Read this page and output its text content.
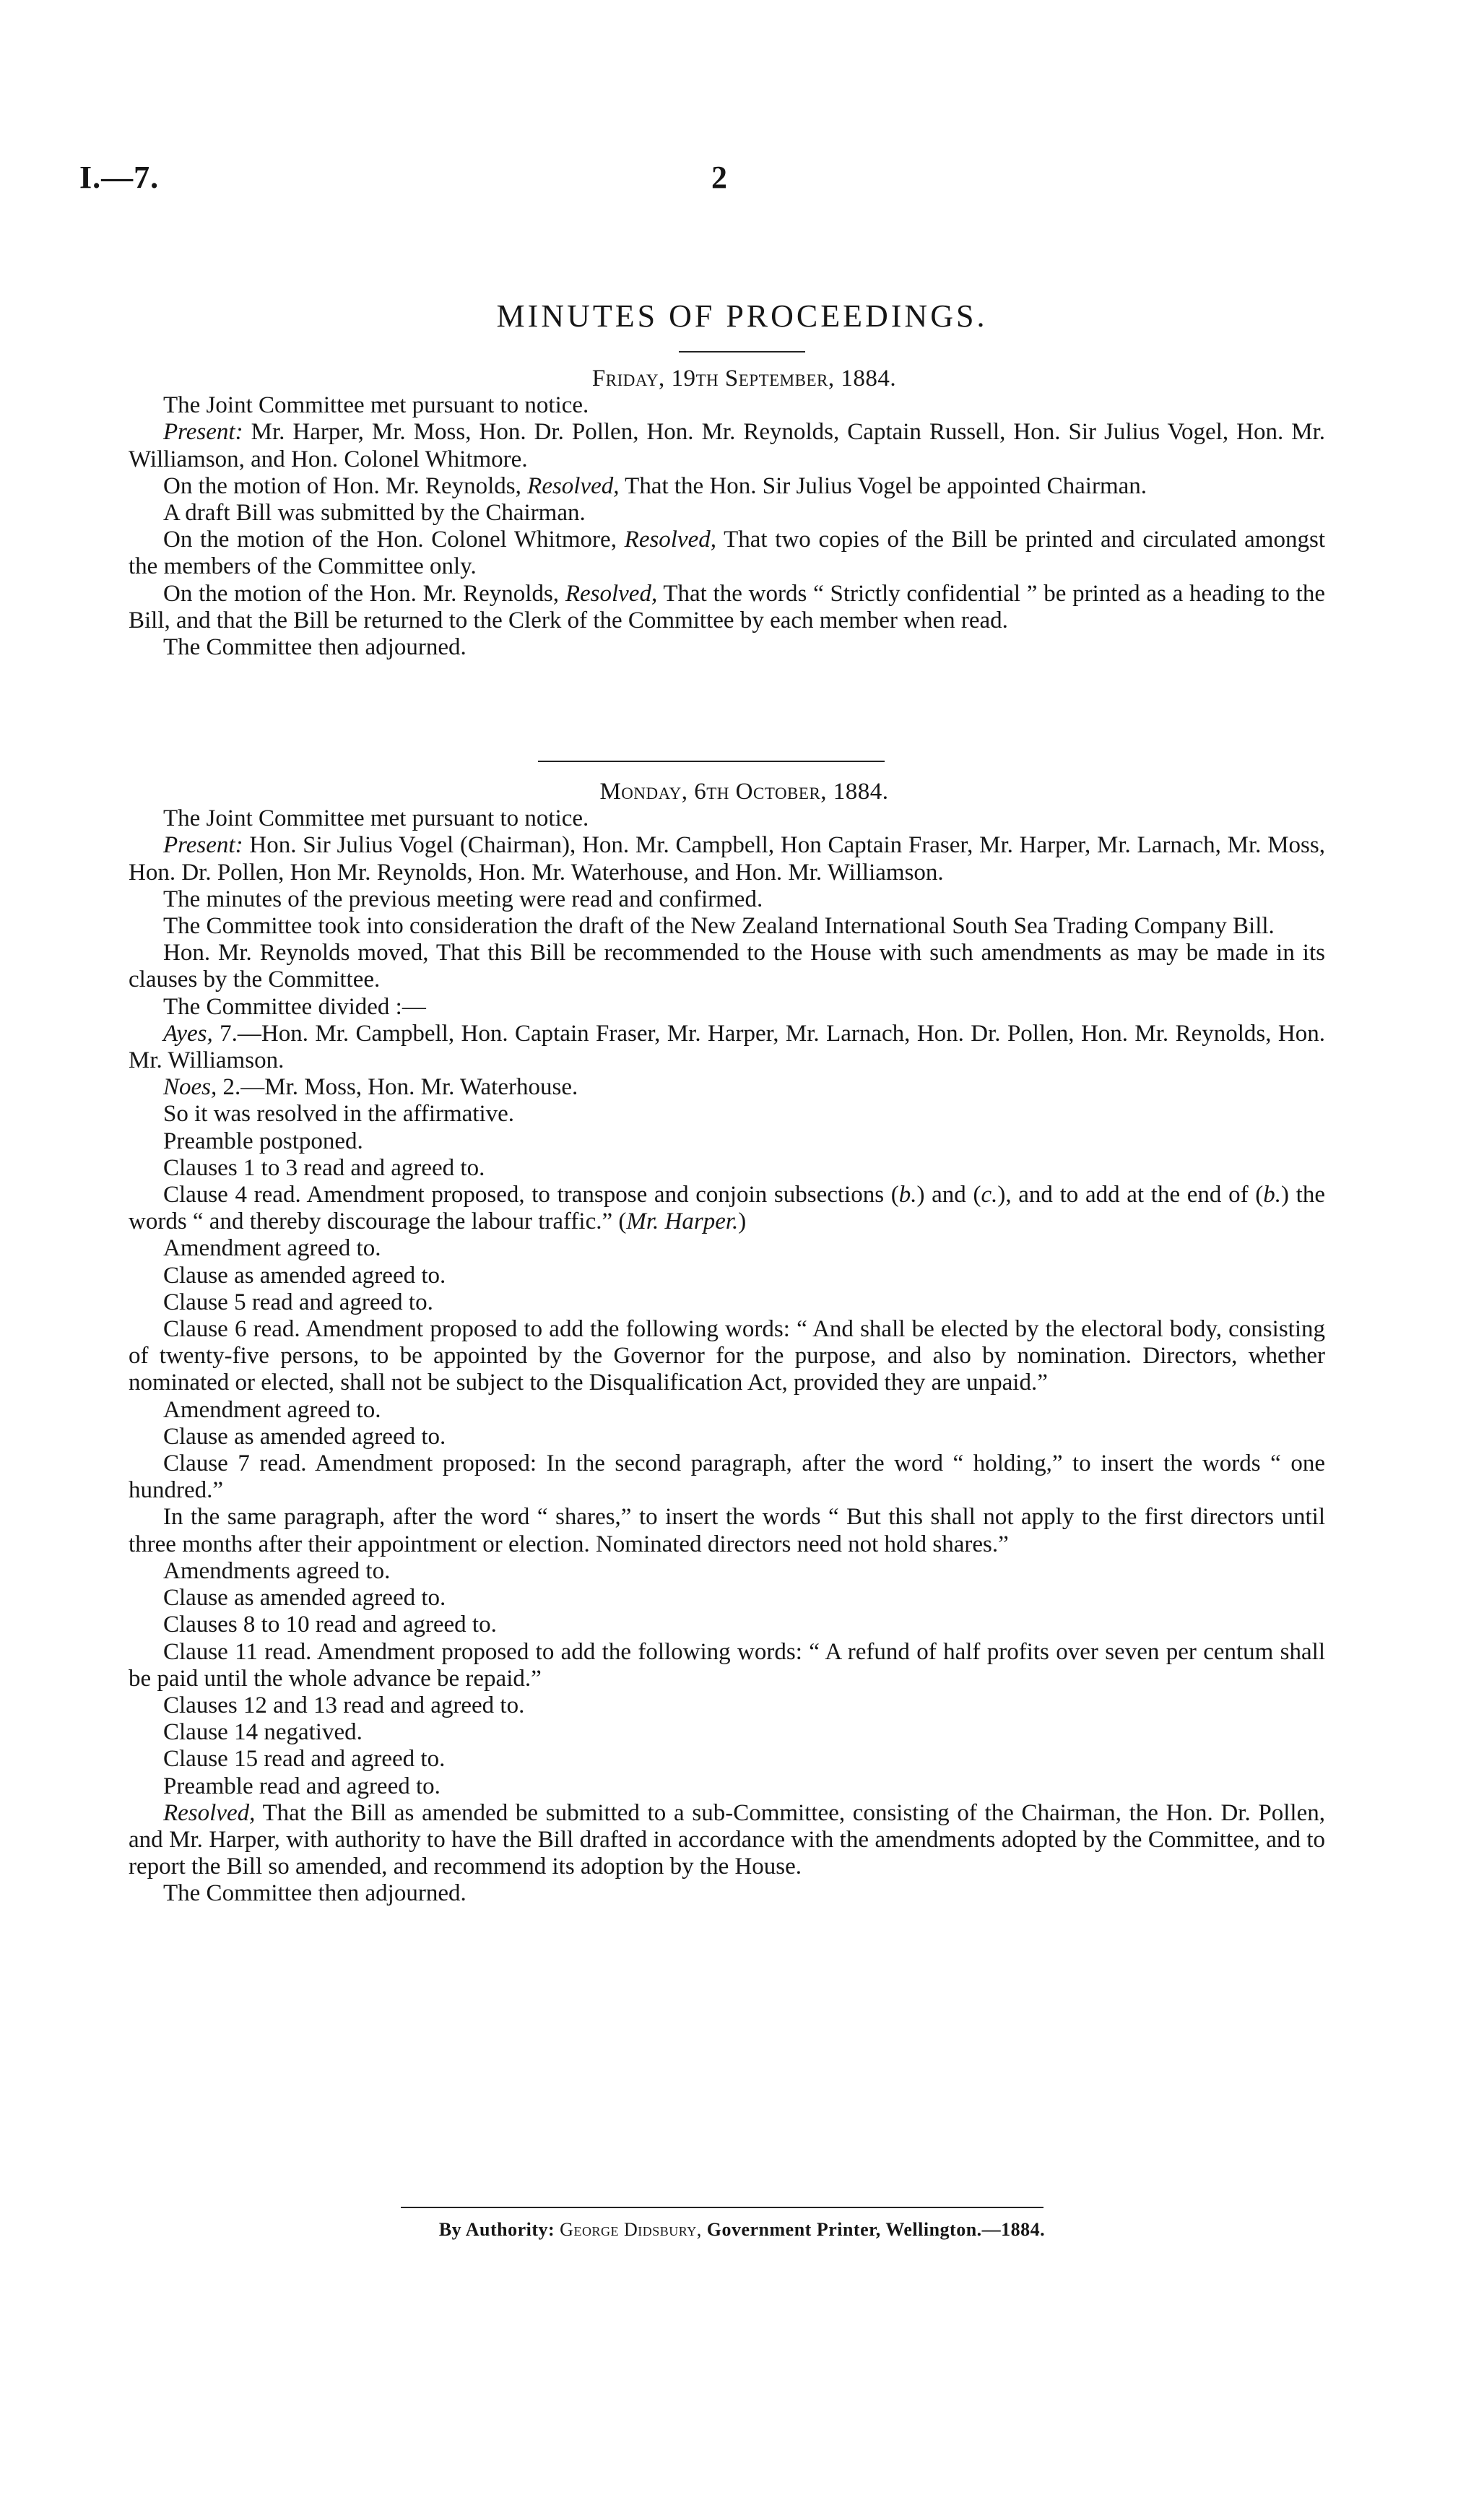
I.—7.	2
MINUTES OF PROCEEDINGS.

Friday, 19th September, 1884.

The Joint Committee met pursuant to notice.

Present: Mr. Harper, Mr. Moss, Hon. Dr. Pollen, Hon. Mr. Reynolds, Captain Russell, Hon. Sir Julius Vogel, Hon. Mr. Williamson, and Hon. Colonel Whitmore.

On the motion of Hon. Mr. Reynolds, Resolved, That the Hon. Sir Julius Vogel be appointed Chairman.

A draft Bill was submitted by the Chairman.

On the motion of the Hon. Colonel Whitmore, Resolved, That two copies of the Bill be printed and circulated amongst the members of the Committee only.

On the motion of the Hon. Mr. Reynolds, Resolved, That the words “ Strictly confidential ” be printed as a heading to the Bill, and that the Bill be returned to the Clerk of the Committee by each member when read.

The Committee then adjourned.

Monday, 6th October, 1884.

The Joint Committee met pursuant to notice.

Present: Hon. Sir Julius Vogel (Chairman), Hon. Mr. Campbell, Hon Captain Fraser, Mr. Harper, Mr. Larnach, Mr. Moss, Hon. Dr. Pollen, Hon Mr. Reynolds, Hon. Mr. Waterhouse, and Hon. Mr. Williamson.

The minutes of the previous meeting were read and confirmed.

The Committee took into consideration the draft of the New Zealand International South Sea Trading Company Bill.

Hon. Mr. Reynolds moved, That this Bill be recommended to the House with such amendments as may be made in its clauses by the Committee.

The Committee divided :—

Ayes, 7.—Hon. Mr. Campbell, Hon. Captain Fraser, Mr. Harper, Mr. Larnach, Hon. Dr. Pollen, Hon. Mr. Reynolds, Hon. Mr. Williamson.

Noes, 2.—Mr. Moss, Hon. Mr. Waterhouse.

So it was resolved in the affirmative.

Preamble postponed.

Clauses 1 to 3 read and agreed to.

Clause 4 read. Amendment proposed, to transpose and conjoin subsections (b.) and (c.), and to add at the end of (b.) the words “ and thereby discourage the labour traffic.” (Mr. Harper.)

Amendment agreed to.

Clause as amended agreed to.

Clause 5 read and agreed to.

Clause 6 read. Amendment proposed to add the following words: “ And shall be elected by the electoral body, consisting of twenty-five persons, to be appointed by the Governor for the purpose, and also by nomination. Directors, whether nominated or elected, shall not be subject to the Disqualification Act, provided they are unpaid.”

Amendment agreed to.

Clause as amended agreed to.

Clause 7 read. Amendment proposed: In the second paragraph, after the word “ holding,” to insert the words “ one hundred.”

In the same paragraph, after the word “ shares,” to insert the words “ But this shall not apply to the first directors until three months after their appointment or election. Nominated directors need not hold shares.”

Amendments agreed to.

Clause as amended agreed to.

Clauses 8 to 10 read and agreed to.

Clause 11 read. Amendment proposed to add the following words: “ A refund of half profits over seven per centum shall be paid until the whole advance be repaid.”

Clauses 12 and 13 read and agreed to.

Clause 14 negatived.

Clause 15 read and agreed to.

Preamble read and agreed to.

Resolved, That the Bill as amended be submitted to a sub-Committee, consisting of the Chairman, the Hon. Dr. Pollen, and Mr. Harper, with authority to have the Bill drafted in accordance with the amendments adopted by the Committee, and to report the Bill so amended, and recommend its adoption by the House.

The Committee then adjourned.

By Authority: George Didsbury, Government Printer, Wellington.—1884.
